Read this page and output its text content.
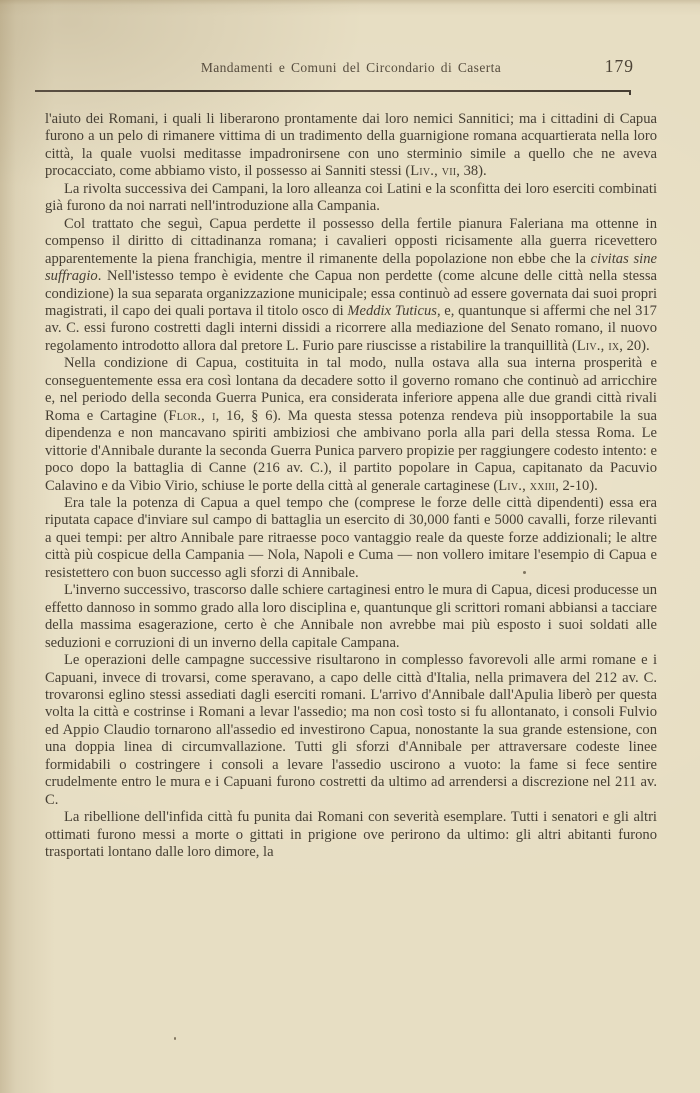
Mandamenti e Comuni del Circondario di Caserta	179

l'aiuto dei Romani, i quali li liberarono prontamente dai loro nemici Sannitici; ma i cittadini di Capua furono a un pelo di rimanere vittima di un tradimento della guarnigione romana acquartierata nella loro città, la quale vuolsi meditasse impadronirsene con uno sterminio simile a quello che ne aveva procacciato, come abbiamo visto, il possesso ai Sanniti stessi (Liv., vii, 38).

La rivolta successiva dei Campani, la loro alleanza coi Latini e la sconfitta dei loro eserciti combinati già furono da noi narrati nell'introduzione alla Campania.

Col trattato che seguì, Capua perdette il possesso della fertile pianura Faleriana ma ottenne in compenso il diritto di cittadinanza romana; i cavalieri opposti ricisamente alla guerra ricevettero apparentemente la piena franchigia, mentre il rimanente della popolazione non ebbe che la civitas sine suffragio. Nell'istesso tempo è evidente che Capua non perdette (come alcune delle città nella stessa condizione) la sua separata organizzazione municipale; essa continuò ad essere governata dai suoi propri magistrati, il capo dei quali portava il titolo osco di Meddix Tuticus, e, quantunque si affermi che nel 317 av. C. essi furono costretti dagli interni dissidi a ricorrere alla mediazione del Senato romano, il nuovo regolamento introdotto allora dal pretore L. Furio pare riuscisse a ristabilire la tranquillità (Liv., ix, 20).

Nella condizione di Capua, costituita in tal modo, nulla ostava alla sua interna prosperità e conseguentemente essa era così lontana da decadere sotto il governo romano che continuò ad arricchire e, nel periodo della seconda Guerra Punica, era considerata inferiore appena alle due grandi città rivali Roma e Cartagine (Flor., i, 16, § 6). Ma questa stessa potenza rendeva più insopportabile la sua dipendenza e non mancavano spiriti ambiziosi che ambivano porla alla pari della stessa Roma. Le vittorie d'Annibale durante la seconda Guerra Punica parvero propizie per raggiungere codesto intento: e poco dopo la battaglia di Canne (216 av. C.), il partito popolare in Capua, capitanato da Pacuvio Calavino e da Vibio Virio, schiuse le porte della città al generale cartaginese (Liv., xxiii, 2-10).

Era tale la potenza di Capua a quel tempo che (comprese le forze delle città dipendenti) essa era riputata capace d'inviare sul campo di battaglia un esercito di 30,000 fanti e 5000 cavalli, forze rilevanti a quei tempi: per altro Annibale pare ritraesse poco vantaggio reale da queste forze addizionali; le altre città più cospicue della Campania — Nola, Napoli e Cuma — non vollero imitare l'esempio di Capua e resistettero con buon successo agli sforzi di Annibale.

L'inverno successivo, trascorso dalle schiere cartaginesi entro le mura di Capua, dicesi producesse un effetto dannoso in sommo grado alla loro disciplina e, quantunque gli scrittori romani abbiansi a tacciare della massima esagerazione, certo è che Annibale non avrebbe mai più esposto i suoi soldati alle seduzioni e corruzioni di un inverno della capitale Campana.

Le operazioni delle campagne successive risultarono in complesso favorevoli alle armi romane e i Capuani, invece di trovarsi, come speravano, a capo delle città d'Italia, nella primavera del 212 av. C. trovaronsi eglino stessi assediati dagli eserciti romani. L'arrivo d'Annibale dall'Apulia liberò per questa volta la città e costrinse i Romani a levar l'assedio; ma non così tosto si fu allontanato, i consoli Fulvio ed Appio Claudio tornarono all'assedio ed investirono Capua, nonostante la sua grande estensione, con una doppia linea di circumvallazione. Tutti gli sforzi d'Annibale per attraversare codeste linee formidabili o costringere i consoli a levare l'assedio uscirono a vuoto: la fame si fece sentire crudelmente entro le mura e i Capuani furono costretti da ultimo ad arrendersi a discrezione nel 211 av. C.

La ribellione dell'infida città fu punita dai Romani con severità esemplare. Tutti i senatori e gli altri ottimati furono messi a morte o gittati in prigione ove perirono da ultimo: gli altri abitanti furono trasportati lontano dalle loro dimore, la
